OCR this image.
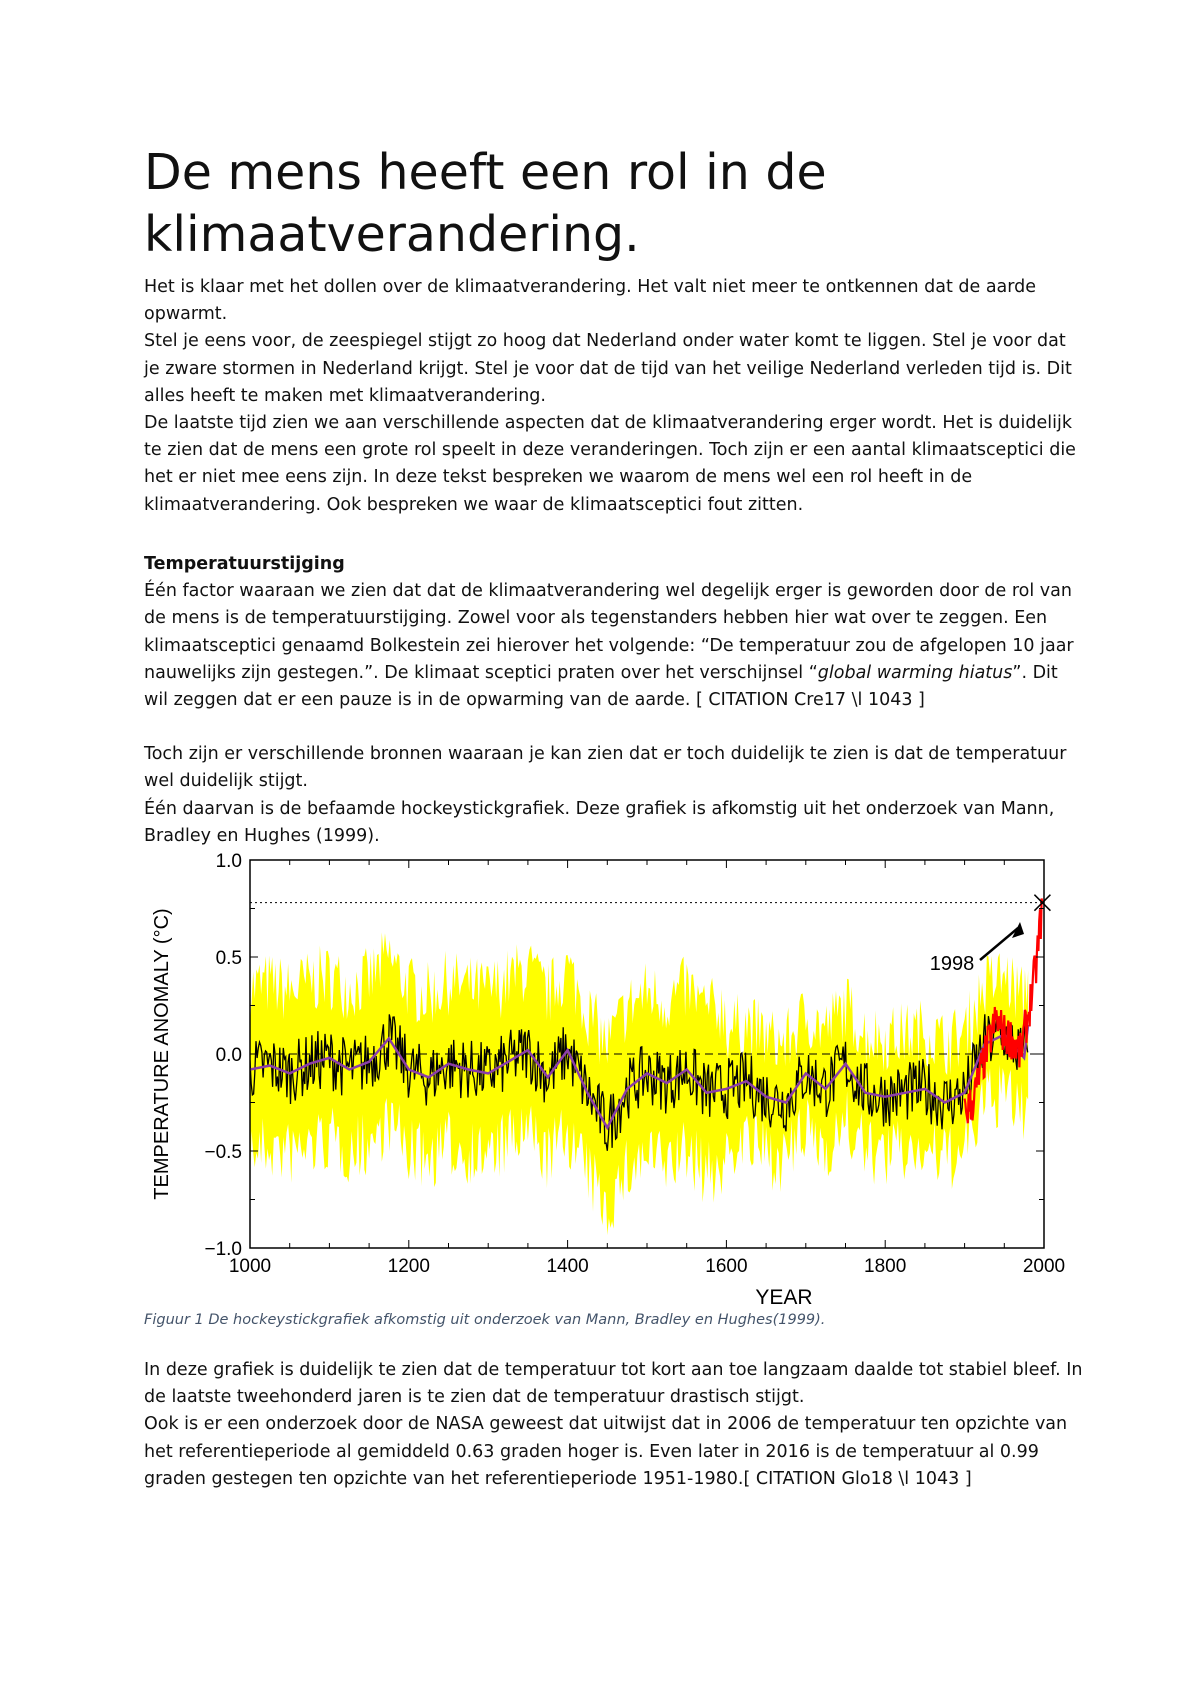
De mens heeft een rol in de klimaatverandering.

Het is klaar met het dollen over de klimaatverandering. Het valt niet meer te ontkennen dat de aarde opwarmt.

Stel je eens voor, de zeespiegel stijgt zo hoog dat Nederland onder water komt te liggen. Stel je voor dat je zware stormen in Nederland krijgt. Stel je voor dat de tijd van het veilige Nederland verleden tijd is. Dit alles heeft te maken met klimaatverandering.

De laatste tijd zien we aan verschillende aspecten dat de klimaatverandering erger wordt. Het is duidelijk te zien dat de mens een grote rol speelt in deze veranderingen. Toch zijn er een aantal klimaatsceptici die het er niet mee eens zijn. In deze tekst bespreken we waarom de mens wel een rol heeft in de klimaatverandering. Ook bespreken we waar de klimaatsceptici fout zitten.

Temperatuurstijging

Één factor waaraan we zien dat dat de klimaatverandering wel degelijk erger is geworden door de rol van de mens is de temperatuurstijging. Zowel voor als tegenstanders hebben hier wat over te zeggen. Een klimaatsceptici genaamd Bolkestein zei hierover het volgende: “De temperatuur zou de afgelopen 10 jaar nauwelijks zijn gestegen.”. De klimaat sceptici praten over het verschijnsel “global warming hiatus”. Dit wil zeggen dat er een pauze is in de opwarming van de aarde. [ CITATION Cre17 \l 1043 ]

Toch zijn er verschillende bronnen waaraan je kan zien dat er toch duidelijk te zien is dat de temperatuur wel duidelijk stijgt.

Één daarvan is de befaamde hockeystickgrafiek. Deze grafiek is afkomstig uit het onderzoek van Mann, Bradley en Hughes (1999).

1000	1200	1400	1600	1800	2000
1.0
0.5
0.0
−0.5
−1.0
YEAR
TEMPERATURE ANOMALY (°C)	1998
Figuur 1 De hockeystickgrafiek afkomstig uit onderzoek van Mann, Bradley en Hughes(1999).

In deze grafiek is duidelijk te zien dat de temperatuur tot kort aan toe langzaam daalde tot stabiel bleef. In de laatste tweehonderd jaren is te zien dat de temperatuur drastisch stijgt.

Ook is er een onderzoek door de NASA geweest dat uitwijst dat in 2006 de temperatuur ten opzichte van het referentieperiode al gemiddeld 0.63 graden hoger is. Even later in 2016 is de temperatuur al 0.99 graden gestegen ten opzichte van het referentieperiode 1951-1980.[ CITATION Glo18 \l 1043 ]
